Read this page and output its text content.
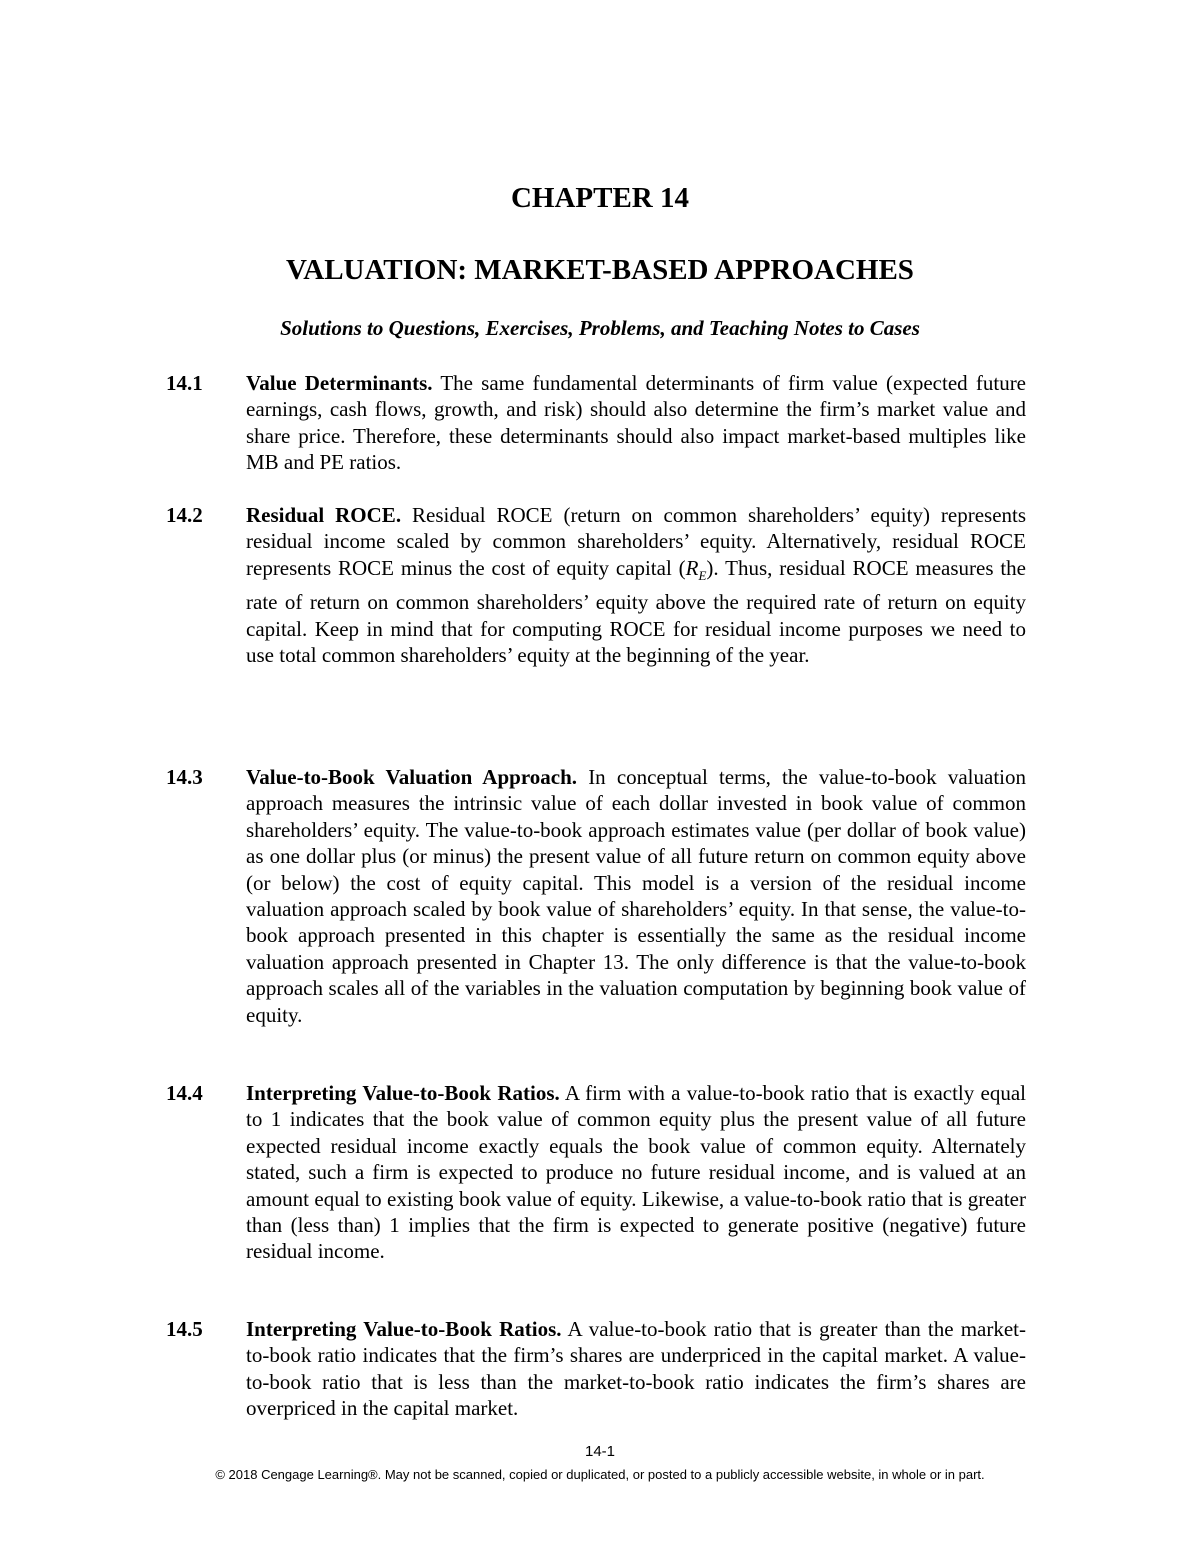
CHAPTER 14
VALUATION: MARKET-BASED APPROACHES
Solutions to Questions, Exercises, Problems, and Teaching Notes to Cases
14.1 Value Determinants. The same fundamental determinants of firm value (expected future earnings, cash flows, growth, and risk) should also determine the firm’s market value and share price. Therefore, these determinants should also impact market-based multiples like MB and PE ratios.
14.2 Residual ROCE. Residual ROCE (return on common shareholders’ equity) represents residual income scaled by common shareholders’ equity. Alternatively, residual ROCE represents ROCE minus the cost of equity capital $(R_E)$. Thus, residual ROCE measures the rate of return on common shareholders’ equity above the required rate of return on equity capital. Keep in mind that for computing ROCE for residual income purposes we need to use total common shareholders’ equity at the beginning of the year.
14.3 Value-to-Book Valuation Approach. In conceptual terms, the value-to-book valuation approach measures the intrinsic value of each dollar invested in book value of common shareholders’ equity. The value-to-book approach estimates value (per dollar of book value) as one dollar plus (or minus) the present value of all future return on common equity above (or below) the cost of equity capital. This model is a version of the residual income valuation approach scaled by book value of shareholders’ equity. In that sense, the value-to-book approach presented in this chapter is essentially the same as the residual income valuation approach presented in Chapter 13. The only difference is that the value-to-book approach scales all of the variables in the valuation computation by beginning book value of equity.
14.4 Interpreting Value-to-Book Ratios. A firm with a value-to-book ratio that is exactly equal to 1 indicates that the book value of common equity plus the present value of all future expected residual income exactly equals the book value of common equity. Alternately stated, such a firm is expected to produce no future residual income, and is valued at an amount equal to existing book value of equity. Likewise, a value-to-book ratio that is greater than (less than) 1 implies that the firm is expected to generate positive (negative) future residual income.
14.5 Interpreting Value-to-Book Ratios. A value-to-book ratio that is greater than the market-to-book ratio indicates that the firm’s shares are underpriced in the capital market. A value-to-book ratio that is less than the market-to-book ratio indicates the firm’s shares are overpriced in the capital market.
14-1
© 2018 Cengage Learning®. May not be scanned, copied or duplicated, or posted to a publicly accessible website, in whole or in part.
